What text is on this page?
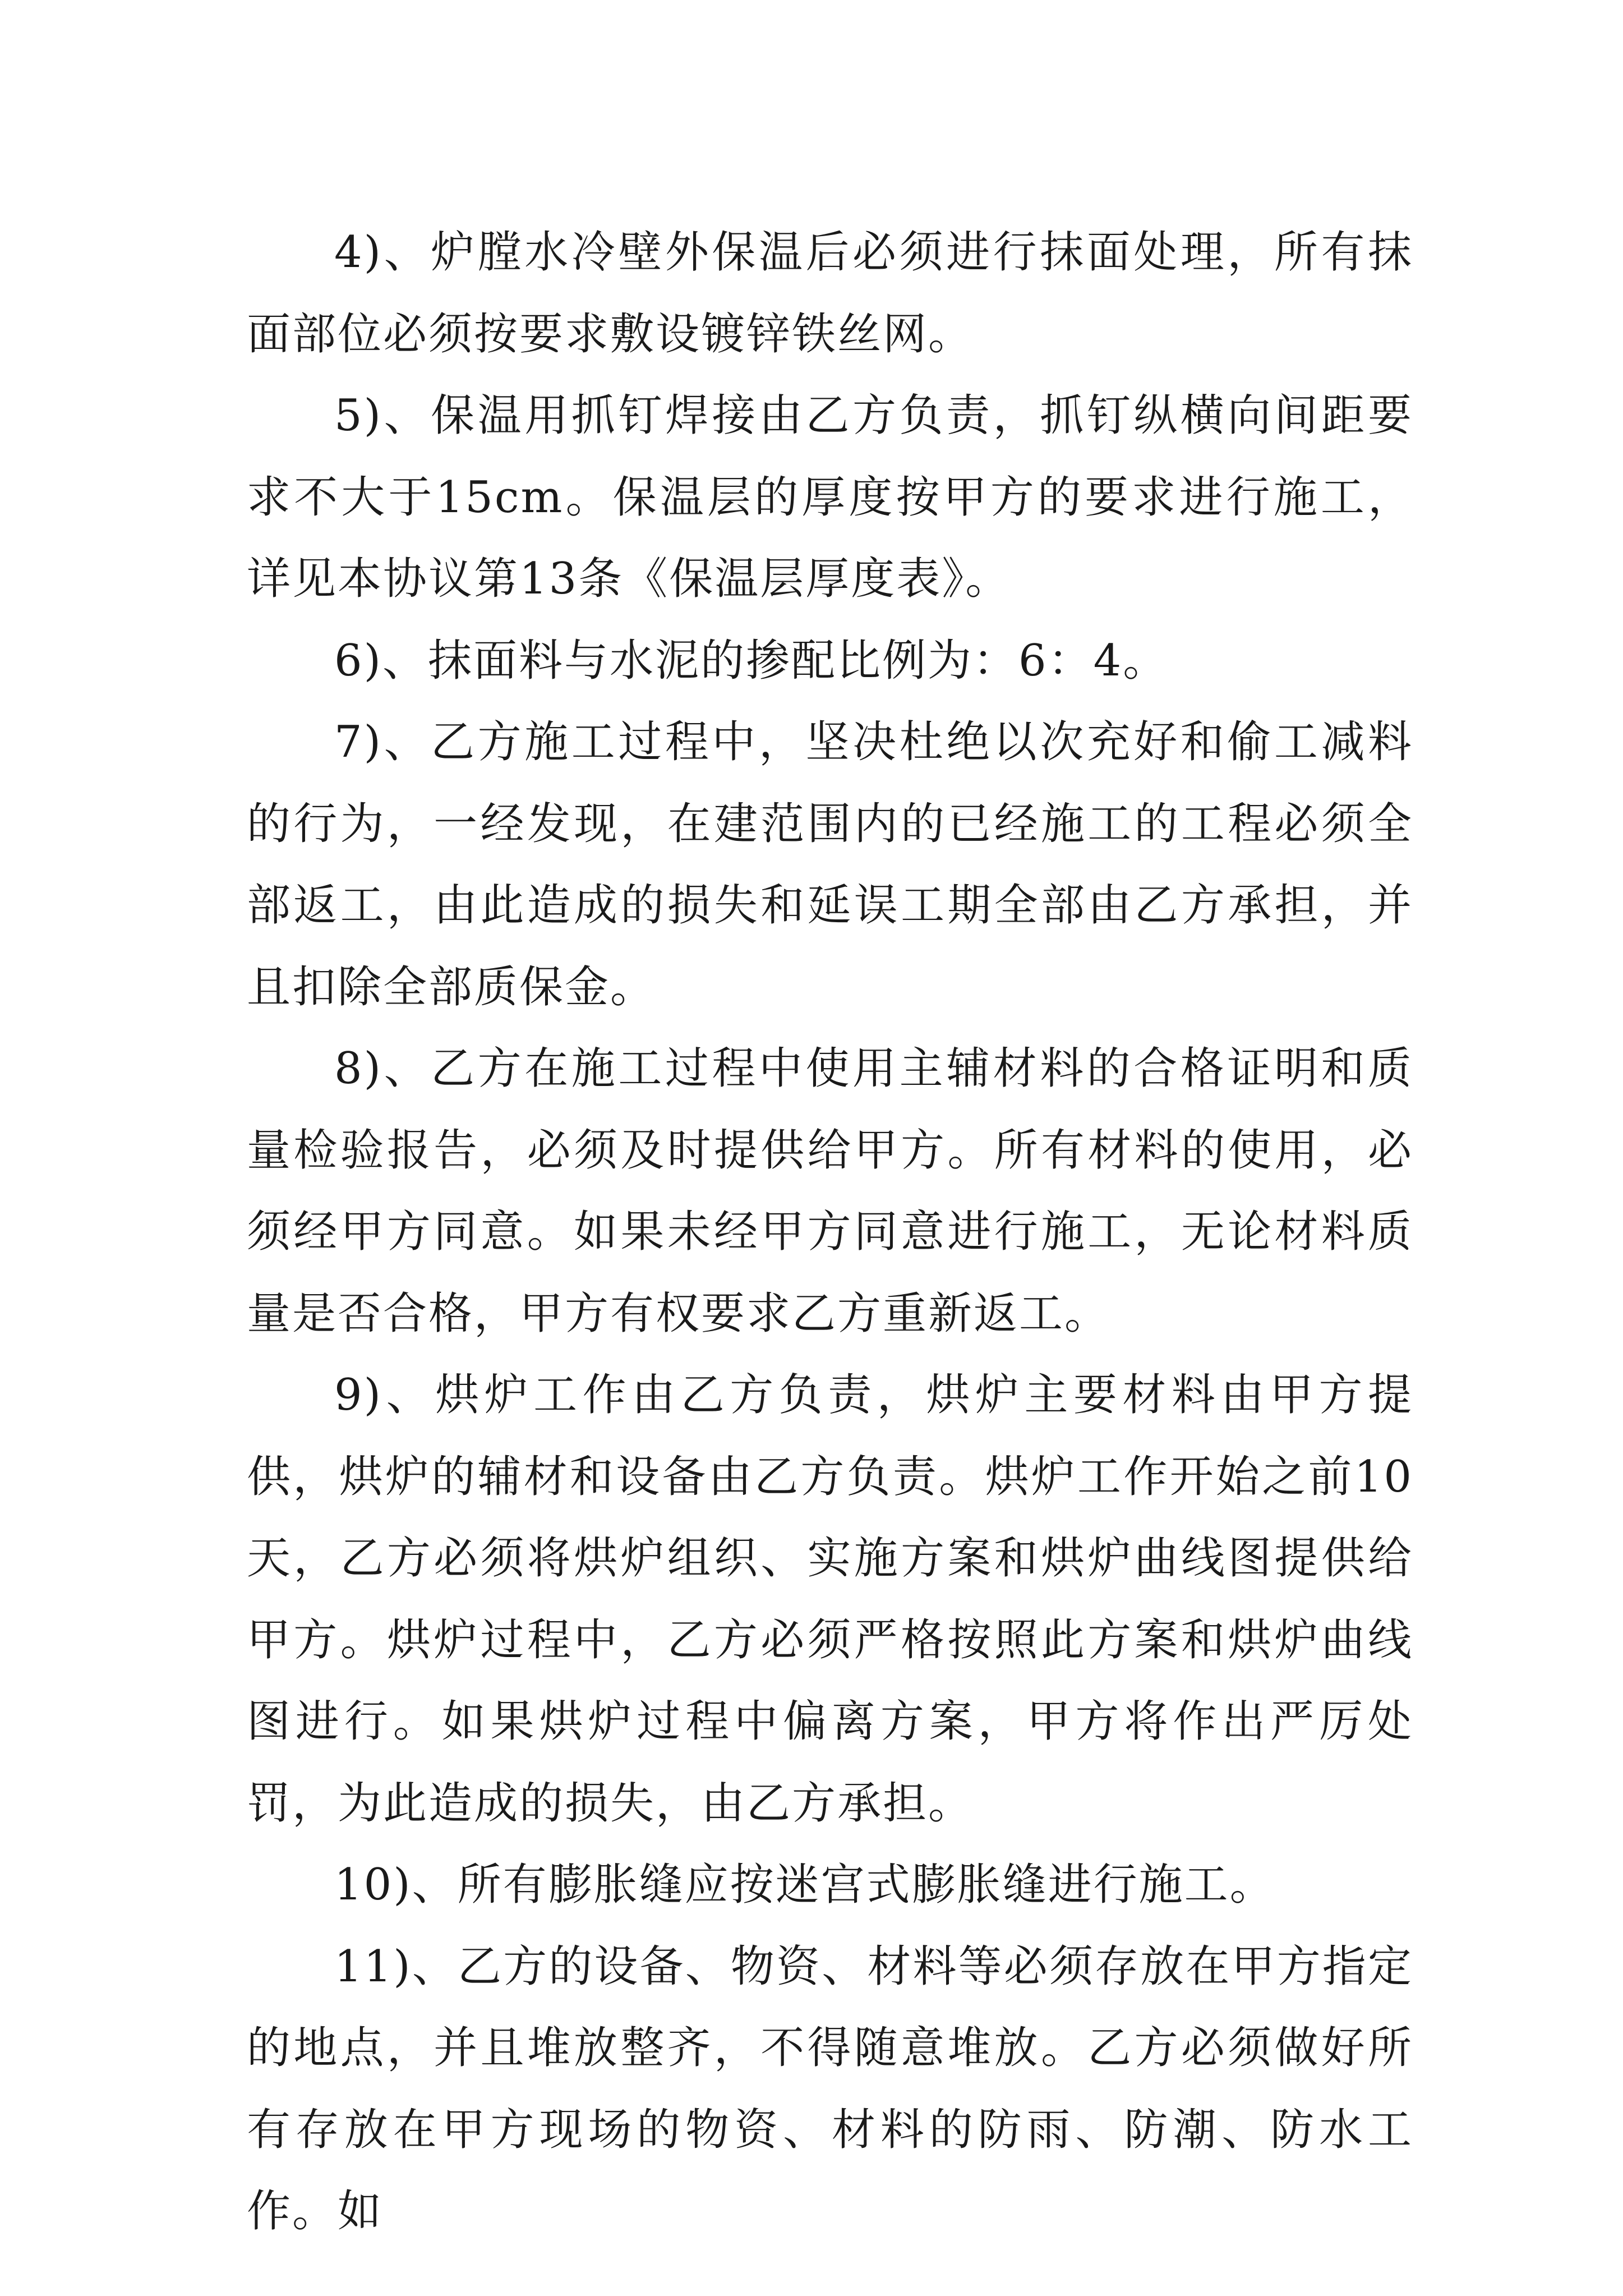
4)、炉膛水冷壁外保温后必须进行抹面处理，所有抹面部位必须按要求敷设镀锌铁丝网。

5)、保温用抓钉焊接由乙方负责，抓钉纵横向间距要求不大于15cm。保温层的厚度按甲方的要求进行施工，详见本协议第13条《保温层厚度表》。

6)、抹面料与水泥的掺配比例为：6：4。

7)、乙方施工过程中，坚决杜绝以次充好和偷工减料的行为，一经发现，在建范围内的已经施工的工程必须全部返工，由此造成的损失和延误工期全部由乙方承担，并且扣除全部质保金。

8)、乙方在施工过程中使用主辅材料的合格证明和质量检验报告，必须及时提供给甲方。所有材料的使用，必须经甲方同意。如果未经甲方同意进行施工，无论材料质量是否合格，甲方有权要求乙方重新返工。

9)、烘炉工作由乙方负责，烘炉主要材料由甲方提供，烘炉的辅材和设备由乙方负责。烘炉工作开始之前10天，乙方必须将烘炉组织、实施方案和烘炉曲线图提供给甲方。烘炉过程中，乙方必须严格按照此方案和烘炉曲线图进行。如果烘炉过程中偏离方案，甲方将作出严厉处罚，为此造成的损失，由乙方承担。

10)、所有膨胀缝应按迷宫式膨胀缝进行施工。

11)、乙方的设备、物资、材料等必须存放在甲方指定的地点，并且堆放整齐，不得随意堆放。乙方必须做好所有存放在甲方现场的物资、材料的防雨、防潮、防水工作。如
